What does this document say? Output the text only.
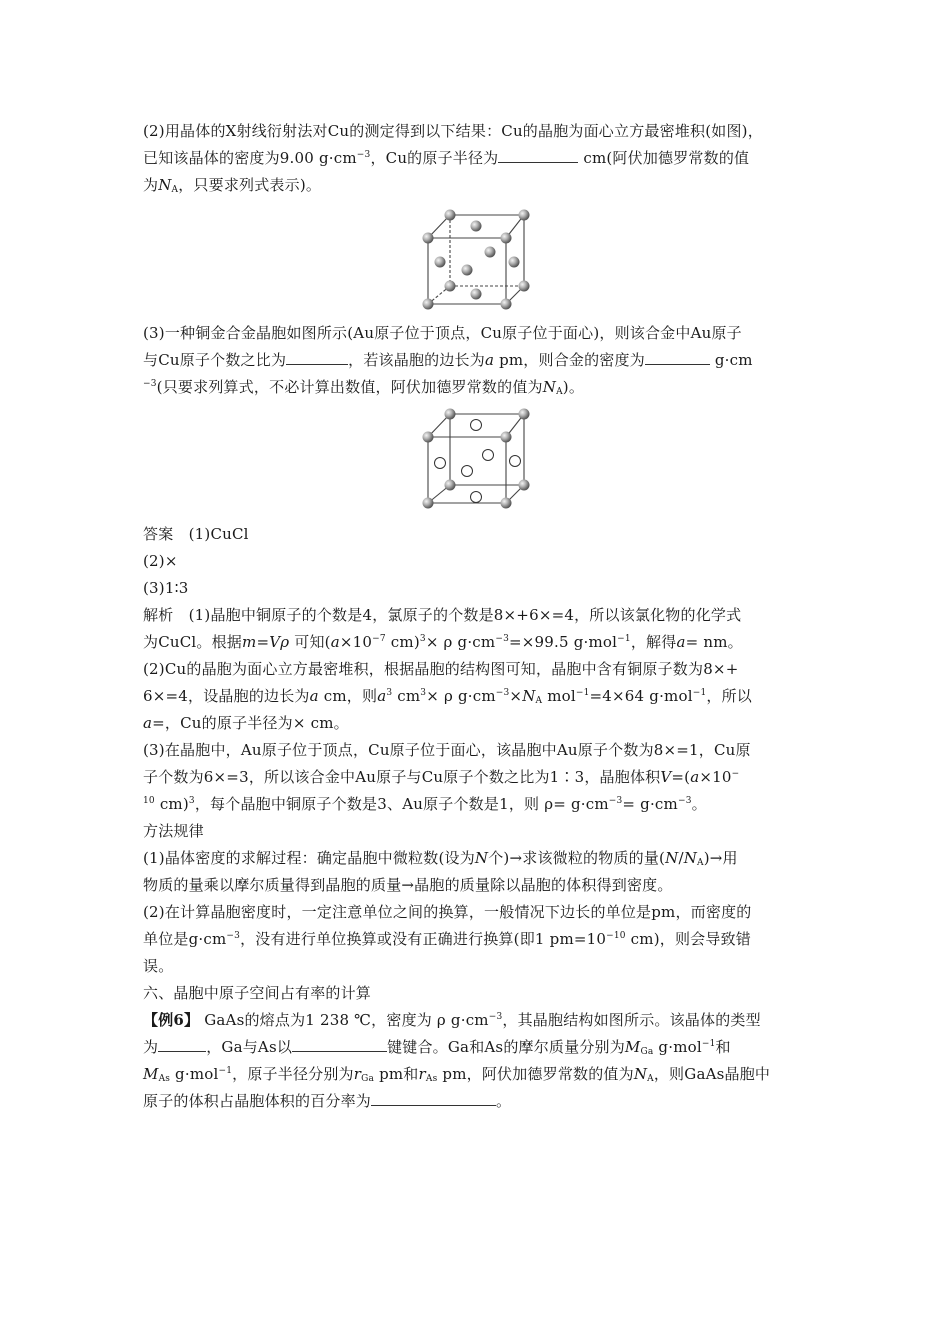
(2)用晶体的X射线衍射法对Cu的测定得到以下结果：Cu的晶胞为面心立方最密堆积(如图)，
已知该晶体的密度为9.00 $g\cdot cm^{-3}$，Cu的原子半径为	cm(阿伏加德罗常数的值
为$N_A$，只要求列式表示)。
(3)一种铜金合金晶胞如图所示(Au原子位于顶点，Cu原子位于面心)，则该合金中Au原子
与Cu原子个数之比为	，若该晶胞的边长为a pm，则合金的密度为	g·cm
$^{-3}$(只要求列算式，不必计算出数值，阿伏加德罗常数的值为$N_A$)。
答案　(1)CuCl
(2)×
(3)1∶3
解析　(1)晶胞中铜原子的个数是4，氯原子的个数是8×+6×=4，所以该氯化物的化学式
为CuCl。根据m=Vρ 可知($a\times 10^{-7}$ cm)$^3$× ρ $g\cdot cm^{-3}=\times 99.5$ g·mol$^{-1}$，解得a= nm。
(2)Cu的晶胞为面心立方最密堆积，根据晶胞的结构图可知，晶胞中含有铜原子数为8×+
6×=4，设晶胞的边长为a cm，则$a^3$ $cm^3\times \rho$ $g\cdot cm^{-3}\times N_A$ mol$^{-1}$=4×64 g·mol$^{-1}$，所以
a=，Cu的原子半径为× cm。
(3)在晶胞中，Au原子位于顶点，Cu原子位于面心，该晶胞中Au原子个数为8×=1，Cu原
子个数为6×=3，所以该合金中Au原子与Cu原子个数之比为1∶3，晶胞体积V=(a×10−
$^{10}$ cm)$^3$，每个晶胞中铜原子个数是3、Au原子个数是1，则 $\rho= g\cdot cm^{-3}= g\cdot cm^{-3}$。
方法规律
(1)晶体密度的求解过程：确定晶胞中微粒数(设为N个)→求该微粒的物质的量$(N/N_A)\to$用
物质的量乘以摩尔质量得到晶胞的质量→晶胞的质量除以晶胞的体积得到密度。
(2)在计算晶胞密度时，一定注意单位之间的换算，一般情况下边长的单位是pm，而密度的
单位是$g\cdot cm^{-3}$，没有进行单位换算或没有正确进行换算(即1 $pm=10^{-10}$ cm)，则会导致错
误。
六、晶胞中原子空间占有率的计算
【例6】 GaAs的熔点为1 238 ℃，密度为 ρ $g\cdot cm^{-3}$，其晶胞结构如图所示。该晶体的类型
为	，Ga与As以	键键合。Ga和As的摩尔质量分别为$M_{Ga}$ g·mol$^{-1}$和
$M_{As}$ g·mol$^{-1}$，原子半径分别为$r_{Ga}$ pm和$r_{As}$ pm，阿伏加德罗常数的值为$N_A$，则GaAs晶胞中
原子的体积占晶胞体积的百分率为	。
